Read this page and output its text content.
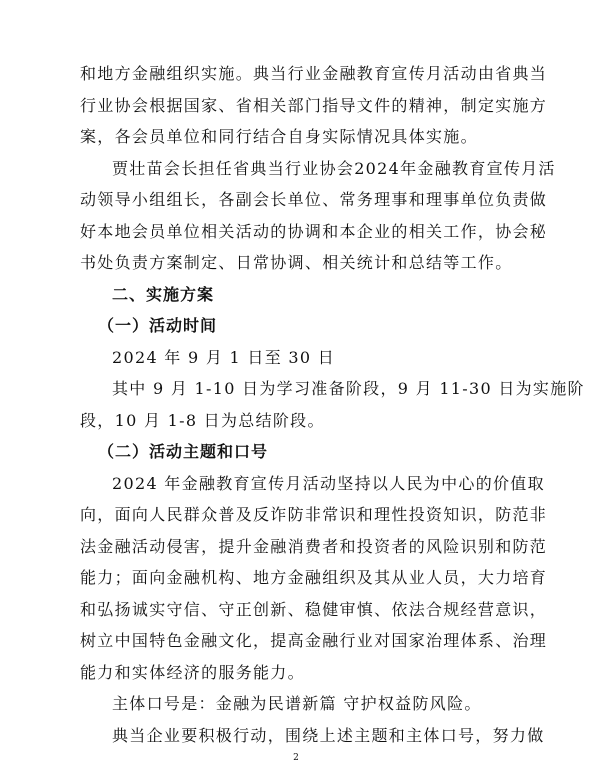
和地方金融组织实施。典当行业金融教育宣传月活动由省典当
行业协会根据国家、省相关部门指导文件的精神，制定实施方
案，各会员单位和同行结合自身实际情况具体实施。
贾壮苗会长担任省典当行业协会2024年金融教育宣传月活
动领导小组组长，各副会长单位、常务理事和理事单位负责做
好本地会员单位相关活动的协调和本企业的相关工作，协会秘
书处负责方案制定、日常协调、相关统计和总结等工作。
二、实施方案
（一）活动时间
2024 年 9 月 1 日至 30 日
其中 9 月 1-10 日为学习准备阶段，9 月 11-30 日为实施阶
段，10 月 1-8 日为总结阶段。
（二）活动主题和口号
2024 年金融教育宣传月活动坚持以人民为中心的价值取
向，面向人民群众普及反诈防非常识和理性投资知识，防范非
法金融活动侵害，提升金融消费者和投资者的风险识别和防范
能力；面向金融机构、地方金融组织及其从业人员，大力培育
和弘扬诚实守信、守正创新、稳健审慎、依法合规经营意识，
树立中国特色金融文化，提高金融行业对国家治理体系、治理
能力和实体经济的服务能力。
主体口号是：金融为民谱新篇 守护权益防风险。
典当企业要积极行动，围绕上述主题和主体口号，努力做
2
